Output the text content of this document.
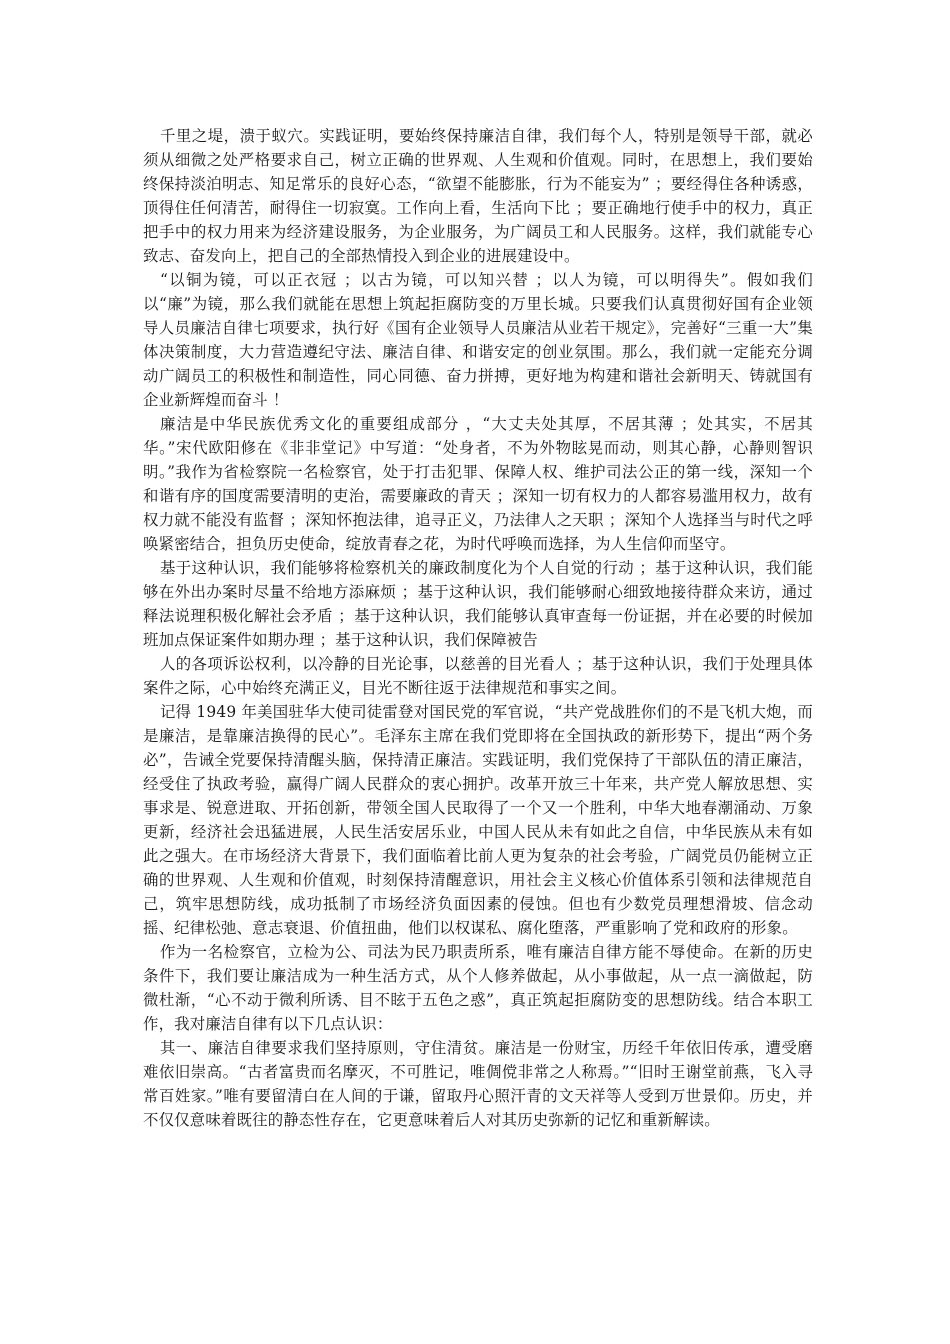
千里之堤，溃于蚁穴。实践证明，要始终保持廉洁自律，我们每个人，特别是领导干部，就必须从细微之处严格要求自己，树立正确的世界观、人生观和价值观。同时，在思想上，我们要始终保持淡泊明志、知足常乐的良好心态，“欲望不能膨胀，行为不能妄为” ；要经得住各种诱惑，顶得住任何清苦，耐得住一切寂寞。工作向上看，生活向下比 ；要正确地行使手中的权力，真正把手中的权力用来为经济建设服务，为企业服务，为广阔员工和人民服务。这样，我们就能专心致志、奋发向上，把自己的全部热情投入到企业的进展建设中。

“以铜为镜，可以正衣冠 ；以古为镜，可以知兴替 ；以人为镜，可以明得失”。假如我们以“廉”为镜，那么我们就能在思想上筑起拒腐防变的万里长城。只要我们认真贯彻好国有企业领导人员廉洁自律七项要求，执行好《国有企业领导人员廉洁从业若干规定》，完善好“三重一大”集体决策制度，大力营造遵纪守法、廉洁自律、和谐安定的创业氛围。那么，我们就一定能充分调动广阔员工的积极性和制造性，同心同德、奋力拼搏，更好地为构建和谐社会新明天、铸就国有企业新辉煌而奋斗 ！

廉洁是中华民族优秀文化的重要组成部分 ，“大丈夫处其厚，不居其薄 ；处其实，不居其华。”宋代欧阳修在《非非堂记》中写道：“处身者，不为外物眩晃而动，则其心静，心静则智识明。”我作为省检察院一名检察官，处于打击犯罪、保障人权、维护司法公正的第一线，深知一个和谐有序的国度需要清明的吏治，需要廉政的青天 ；深知一切有权力的人都容易滥用权力，故有权力就不能没有监督 ；深知怀抱法律，追寻正义，乃法律人之天职 ；深知个人选择当与时代之呼唤紧密结合，担负历史使命，绽放青春之花，为时代呼唤而选择，为人生信仰而坚守。

基于这种认识，我们能够将检察机关的廉政制度化为个人自觉的行动 ；基于这种认识，我们能够在外出办案时尽量不给地方添麻烦 ；基于这种认识，我们能够耐心细致地接待群众来访，通过释法说理积极化解社会矛盾 ；基于这种认识，我们能够认真审查每一份证据，并在必要的时候加班加点保证案件如期办理 ；基于这种认识，我们保障被告

人的各项诉讼权利，以冷静的目光论事，以慈善的目光看人 ；基于这种认识，我们于处理具体案件之际，心中始终充满正义，目光不断往返于法律规范和事实之间。

记得 1949 年美国驻华大使司徒雷登对国民党的军官说，“共产党战胜你们的不是飞机大炮，而是廉洁，是靠廉洁换得的民心”。毛泽东主席在我们党即将在全国执政的新形势下，提出“两个务必”，告诫全党要保持清醒头脑，保持清正廉洁。实践证明，我们党保持了干部队伍的清正廉洁，经受住了执政考验，赢得广阔人民群众的衷心拥护。改革开放三十年来，共产党人解放思想、实事求是、锐意进取、开拓创新，带领全国人民取得了一个又一个胜利，中华大地春潮涌动、万象更新，经济社会迅猛进展，人民生活安居乐业，中国人民从未有如此之自信，中华民族从未有如此之强大。在市场经济大背景下，我们面临着比前人更为复杂的社会考验，广阔党员仍能树立正确的世界观、人生观和价值观，时刻保持清醒意识，用社会主义核心价值体系引领和法律规范自己，筑牢思想防线，成功抵制了市场经济负面因素的侵蚀。但也有少数党员理想滑坡、信念动摇、纪律松弛、意志衰退、价值扭曲，他们以权谋私、腐化堕落，严重影响了党和政府的形象。

作为一名检察官，立检为公、司法为民乃职责所系，唯有廉洁自律方能不辱使命。在新的历史条件下，我们要让廉洁成为一种生活方式，从个人修养做起，从小事做起，从一点一滴做起，防微杜渐，“心不动于微利所诱、目不眩于五色之惑”，真正筑起拒腐防变的思想防线。结合本职工作，我对廉洁自律有以下几点认识：

其一、廉洁自律要求我们坚持原则，守住清贫。廉洁是一份财宝，历经千年依旧传承，遭受磨难依旧崇高。“古者富贵而名摩灭，不可胜记，唯倜傥非常之人称焉。”“旧时王谢堂前燕，飞入寻常百姓家。”唯有要留清白在人间的于谦，留取丹心照汗青的文天祥等人受到万世景仰。历史，并不仅仅意味着既往的静态性存在，它更意味着后人对其历史弥新的记忆和重新解读。
